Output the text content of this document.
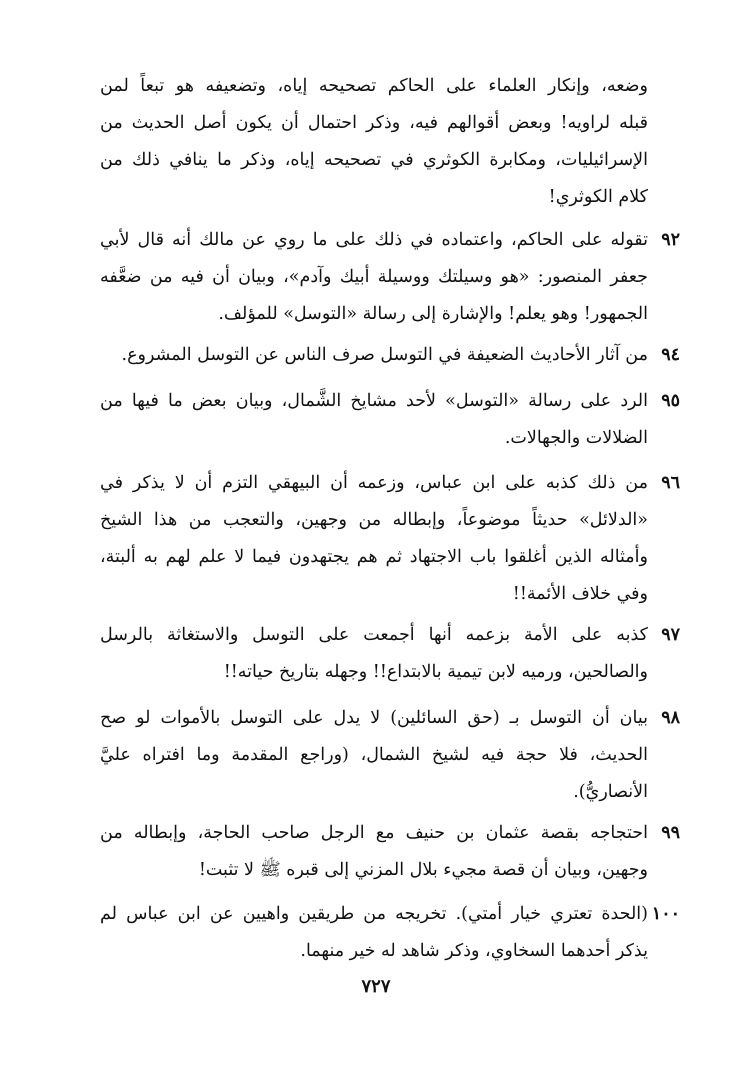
وضعه، وإنكار العلماء على الحاكم تصحيحه إياه، وتضعيفه هو تبعاً لمن
قبله لراويه! وبعض أقوالهم فيه، وذكر احتمال أن يكون أصل الحديث من
الإسرائيليات، ومكابرة الكوثري في تصحيحه إياه، وذكر ما ينافي ذلك من
كلام الكوثري!
٩٢
تقوله على الحاكم، واعتماده في ذلك على ما روي عن مالك أنه قال لأبي
جعفر المنصور: «هو وسيلتك ووسيلة أبيك وآدم»، وبيان أن فيه من ضعَّفه
الجمهور! وهو يعلم! والإشارة إلى رسالة «التوسل» للمؤلف.
٩٤
من آثار الأحاديث الضعيفة في التوسل صرف الناس عن التوسل المشروع.
٩٥
الرد على رسالة «التوسل» لأحد مشايخ الشَّمال، وبيان بعض ما فيها من
الضلالات والجهالات.
٩٦
من ذلك كذبه على ابن عباس، وزعمه أن البيهقي التزم أن لا يذكر في
«الدلائل» حديثاً موضوعاً، وإبطاله من وجهين، والتعجب من هذا الشيخ
وأمثاله الذين أغلقوا باب الاجتهاد ثم هم يجتهدون فيما لا علم لهم به ألبتة،
وفي خلاف الأئمة!!
٩٧
كذبه على الأمة بزعمه أنها أجمعت على التوسل والاستغاثة بالرسل
والصالحين، ورميه لابن تيمية بالابتداع!! وجهله بتاريخ حياته!!
٩٨
بيان أن التوسل بـ (حق السائلين) لا يدل على التوسل بالأموات لو صح
الحديث، فلا حجة فيه لشيخ الشمال، (وراجع المقدمة وما افتراه عليَّ
الأنصاريُّ).
٩٩
احتجاجه بقصة عثمان بن حنيف مع الرجل صاحب الحاجة، وإبطاله من
وجهين، وبيان أن قصة مجيء بلال المزني إلى قبره ﷺ لا تثبت!
١٠٠
(الحدة تعتري خيار أمتي). تخريجه من طريقين واهيين عن ابن عباس لم
يذكر أحدهما السخاوي، وذكر شاهد له خير منهما.
٧٢٧
